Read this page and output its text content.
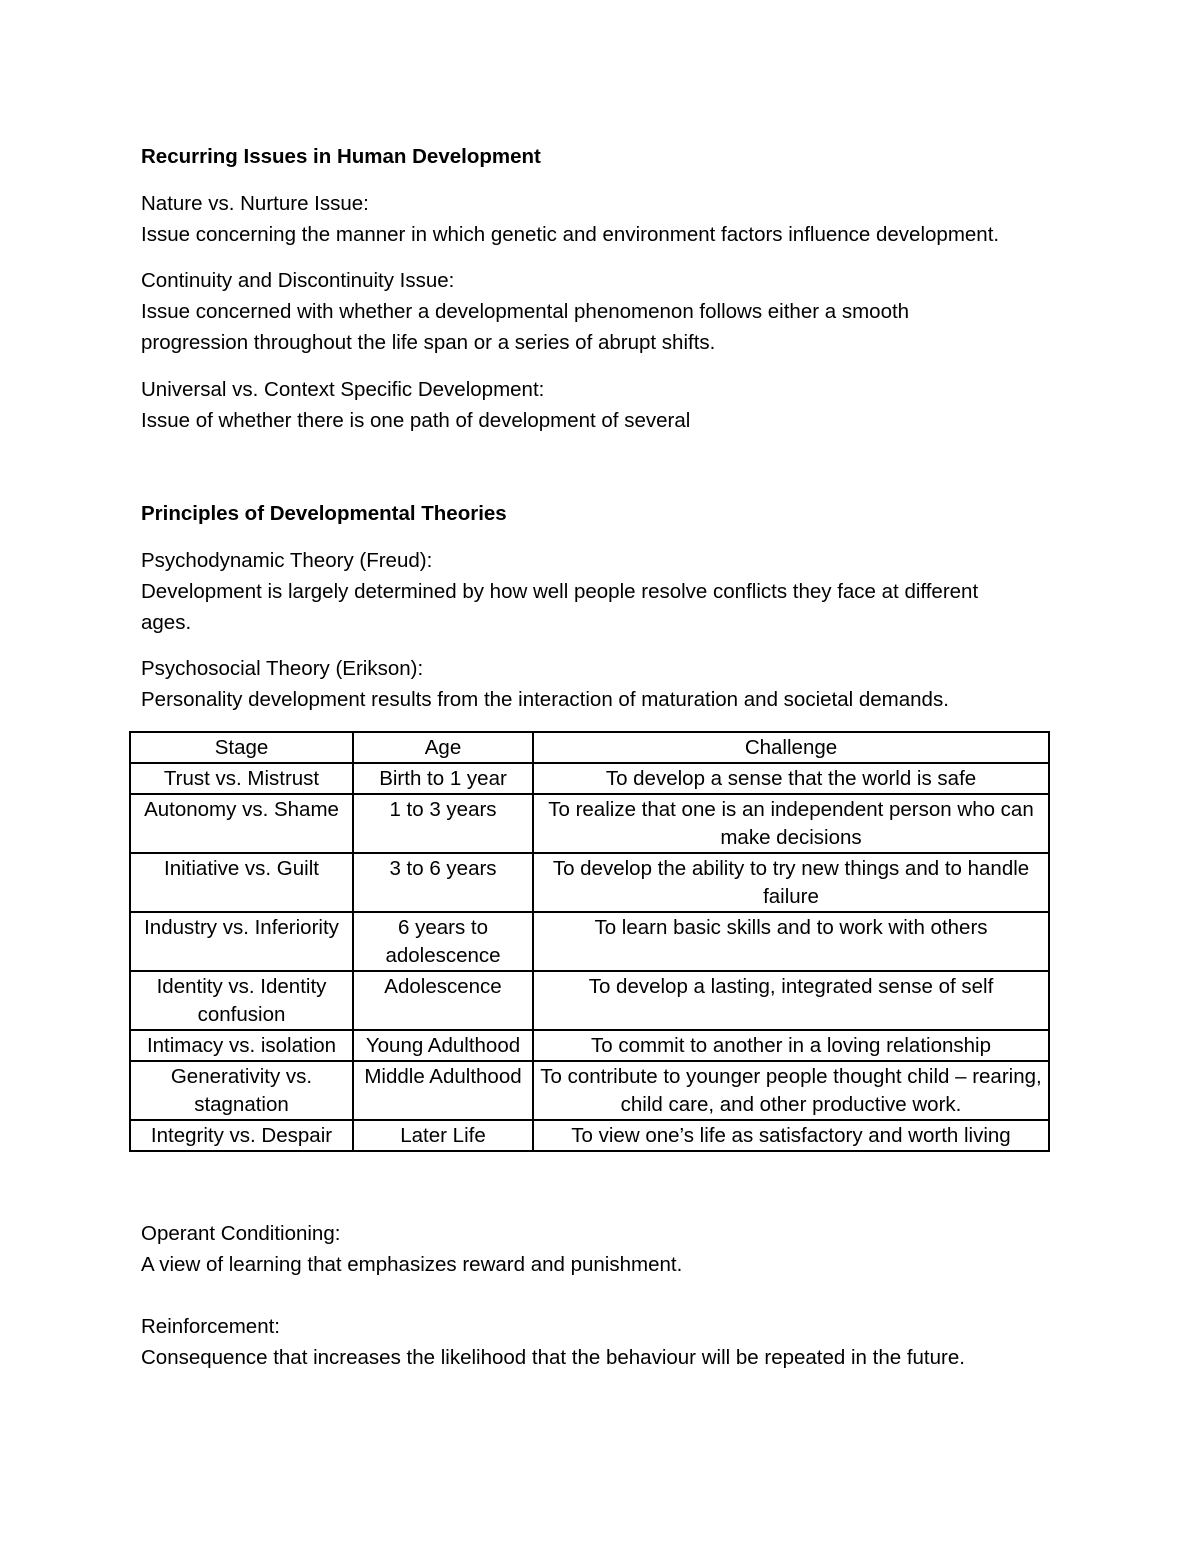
Recurring Issues in Human Development
Nature vs. Nurture Issue:
Issue concerning the manner in which genetic and environment factors influence development.
Continuity and Discontinuity Issue:
Issue concerned with whether a developmental phenomenon follows either a smooth
progression throughout the life span or a series of abrupt shifts.
Universal vs. Context Specific Development:
Issue of whether there is one path of development of several
Principles of Developmental Theories
Psychodynamic Theory (Freud):
Development is largely determined by how well people resolve conflicts they face at different
ages.
Psychosocial Theory (Erikson):
Personality development results from the interaction of maturation and societal demands.
Stage	Age	Challenge
Trust vs. Mistrust	Birth to 1 year	To develop a sense that the world is safe
Autonomy vs. Shame	1 to 3 years	To realize that one is an independent person who can make decisions
Initiative vs. Guilt	3 to 6 years	To develop the ability to try new things and to handle failure
Industry vs. Inferiority	6 years to adolescence	To learn basic skills and to work with others
Identity vs. Identity confusion	Adolescence	To develop a lasting, integrated sense of self
Intimacy vs. isolation	Young Adulthood	To commit to another in a loving relationship
Generativity vs. stagnation	Middle Adulthood	To contribute to younger people thought child – rearing, child care, and other productive work.
Integrity vs. Despair	Later Life	To view one’s life as satisfactory and worth living
Operant Conditioning:
A view of learning that emphasizes reward and punishment.
Reinforcement:
Consequence that increases the likelihood that the behaviour will be repeated in the future.
